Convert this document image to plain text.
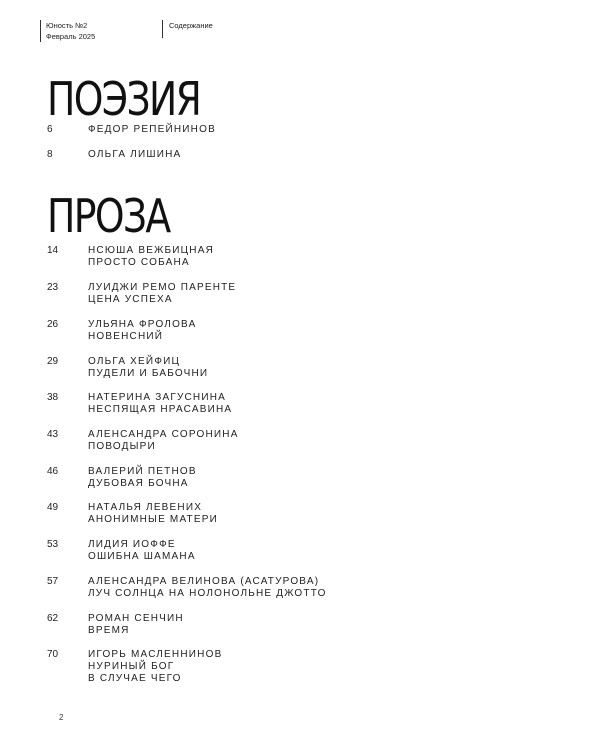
Юность №2
Февраль 2025
Содержание
ПОЭЗИЯ
6	ФЕДОР РЕПЕЙНИНОВ
8	ОЛЬГА ЛИШИНА
ПРОЗА
14	НСЮША ВЕЖБИЦНАЯ
ПРОСТО СОБАНА
23	ЛУИДЖИ РЕМО ПАРЕНТЕ
ЦЕНА УСПЕХА
26	УЛЬЯНА ФРОЛОВА
НОВЕНСНИЙ
29	ОЛЬГА ХЕЙФИЦ
ПУДЕЛИ И БАБОЧНИ
38	НАТЕРИНА ЗАГУСНИНА
НЕСПЯЩАЯ НРАСАВИНА
43	АЛЕНСАНДРА СОРОНИНА
ПОВОДЫРИ
46	ВАЛЕРИЙ ПЕТНОВ
ДУБОВАЯ БОЧНА
49	НАТАЛЬЯ ЛЕВЕНИХ
АНОНИМНЫЕ МАТЕРИ
53	ЛИДИЯ ИОФФЕ
ОШИБНА ШАМАНА
57	АЛЕНСАНДРА ВЕЛИНОВА (АСАТУРОВА)
ЛУЧ СОЛНЦА НА НОЛОНОЛЬНЕ ДЖОТТО
62	РОМАН СЕНЧИН
ВРЕМЯ
70	ИГОРЬ МАСЛЕННИНОВ
НУРИНЫЙ БОГ
В СЛУЧАЕ ЧЕГО
2
